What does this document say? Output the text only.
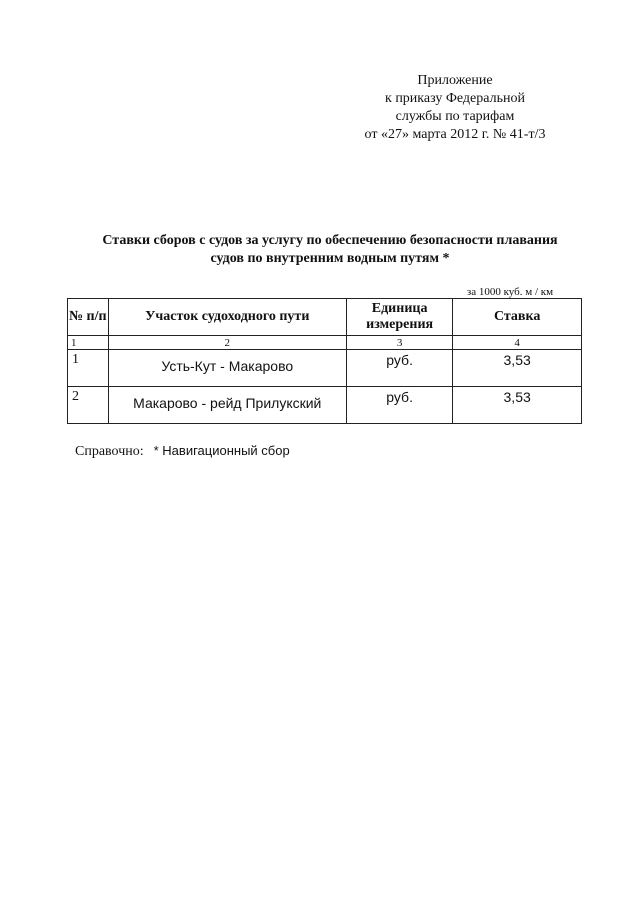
Приложение
к приказу Федеральной
службы по тарифам
от «27» марта 2012 г. № 41-т/3
Ставки сборов с судов за услугу по обеспечению безопасности плавания
судов по внутренним водным путям *
за 1000 куб. м / км
№ п/п	Участок судоходного пути	Единица измерения	Ставка
1	2	3	4
1	Усть-Кут - Макарово	руб.	3,53
2	Макарово - рейд Прилукский	руб.	3,53
Справочно: * Навигационный сбор
